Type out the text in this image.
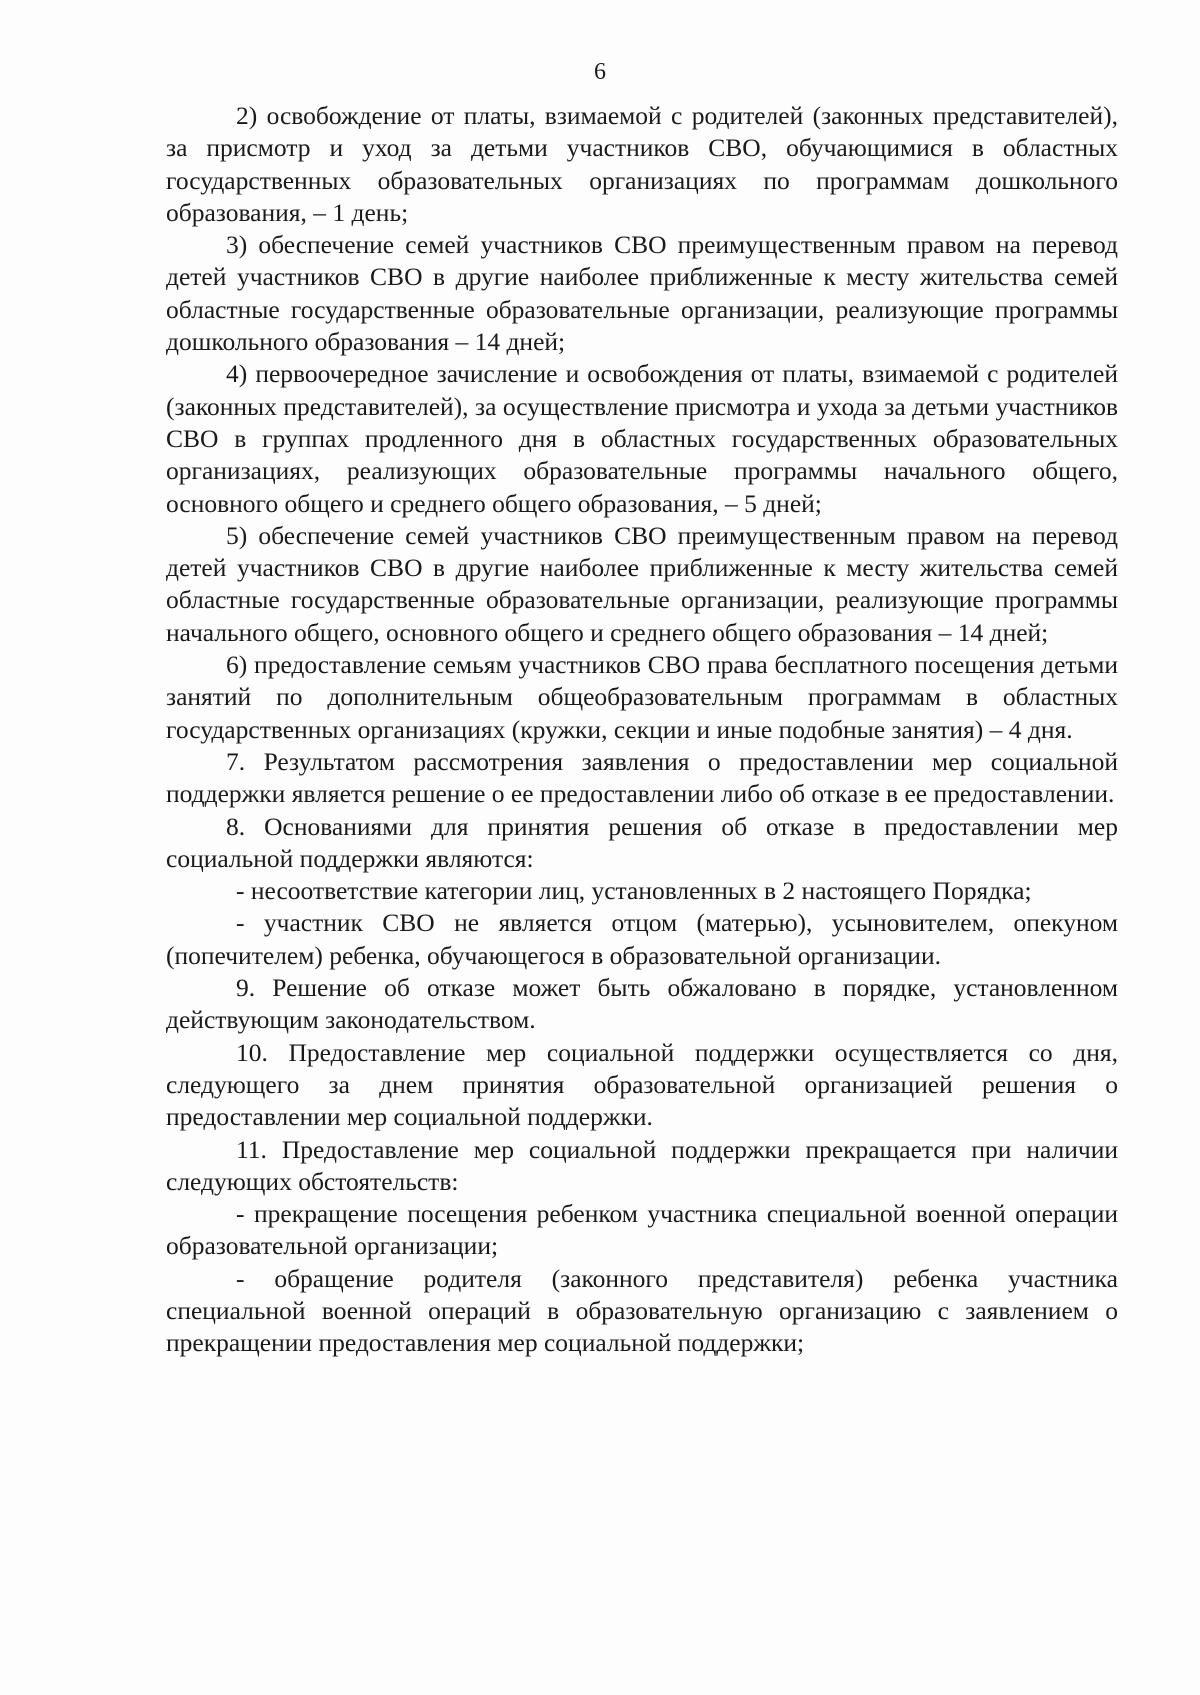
6

2) освобождение от платы, взимаемой с родителей (законных представителей), за присмотр и уход за детьми участников СВО, обучающимися в областных государственных образовательных организациях по программам дошкольного образования, – 1 день;

3) обеспечение семей участников СВО преимущественным правом на перевод детей участников СВО в другие наиболее приближенные к месту жительства семей областные государственные образовательные организации, реализующие программы дошкольного образования – 14 дней;

4) первоочередное зачисление и освобождения от платы, взимаемой с родителей (законных представителей), за осуществление присмотра и ухода за детьми участников СВО в группах продленного дня в областных государственных образовательных организациях, реализующих образовательные программы начального общего, основного общего и среднего общего образования, – 5 дней;

5) обеспечение семей участников СВО преимущественным правом на перевод детей участников СВО в другие наиболее приближенные к месту жительства семей областные государственные образовательные организации, реализующие программы начального общего, основного общего и среднего общего образования – 14 дней;

6) предоставление семьям участников СВО права бесплатного посещения детьми занятий по дополнительным общеобразовательным программам в областных государственных организациях (кружки, секции и иные подобные занятия) – 4 дня.

7. Результатом рассмотрения заявления о предоставлении мер социальной поддержки является решение о ее предоставлении либо об отказе в ее предоставлении.

8. Основаниями для принятия решения об отказе в предоставлении мер социальной поддержки являются:

- несоответствие категории лиц, установленных в 2 настоящего Порядка;

- участник СВО не является отцом (матерью), усыновителем, опекуном (попечителем) ребенка, обучающегося в образовательной организации.

9. Решение об отказе может быть обжаловано в порядке, установленном действующим законодательством.

10. Предоставление мер социальной поддержки осуществляется со дня, следующего за днем принятия образовательной организацией решения о предоставлении мер социальной поддержки.

11. Предоставление мер социальной поддержки прекращается при наличии следующих обстоятельств:

- прекращение посещения ребенком участника специальной военной операции образовательной организации;

- обращение родителя (законного представителя) ребенка участника специальной военной операций в образовательную организацию с заявлением о прекращении предоставления мер социальной поддержки;
